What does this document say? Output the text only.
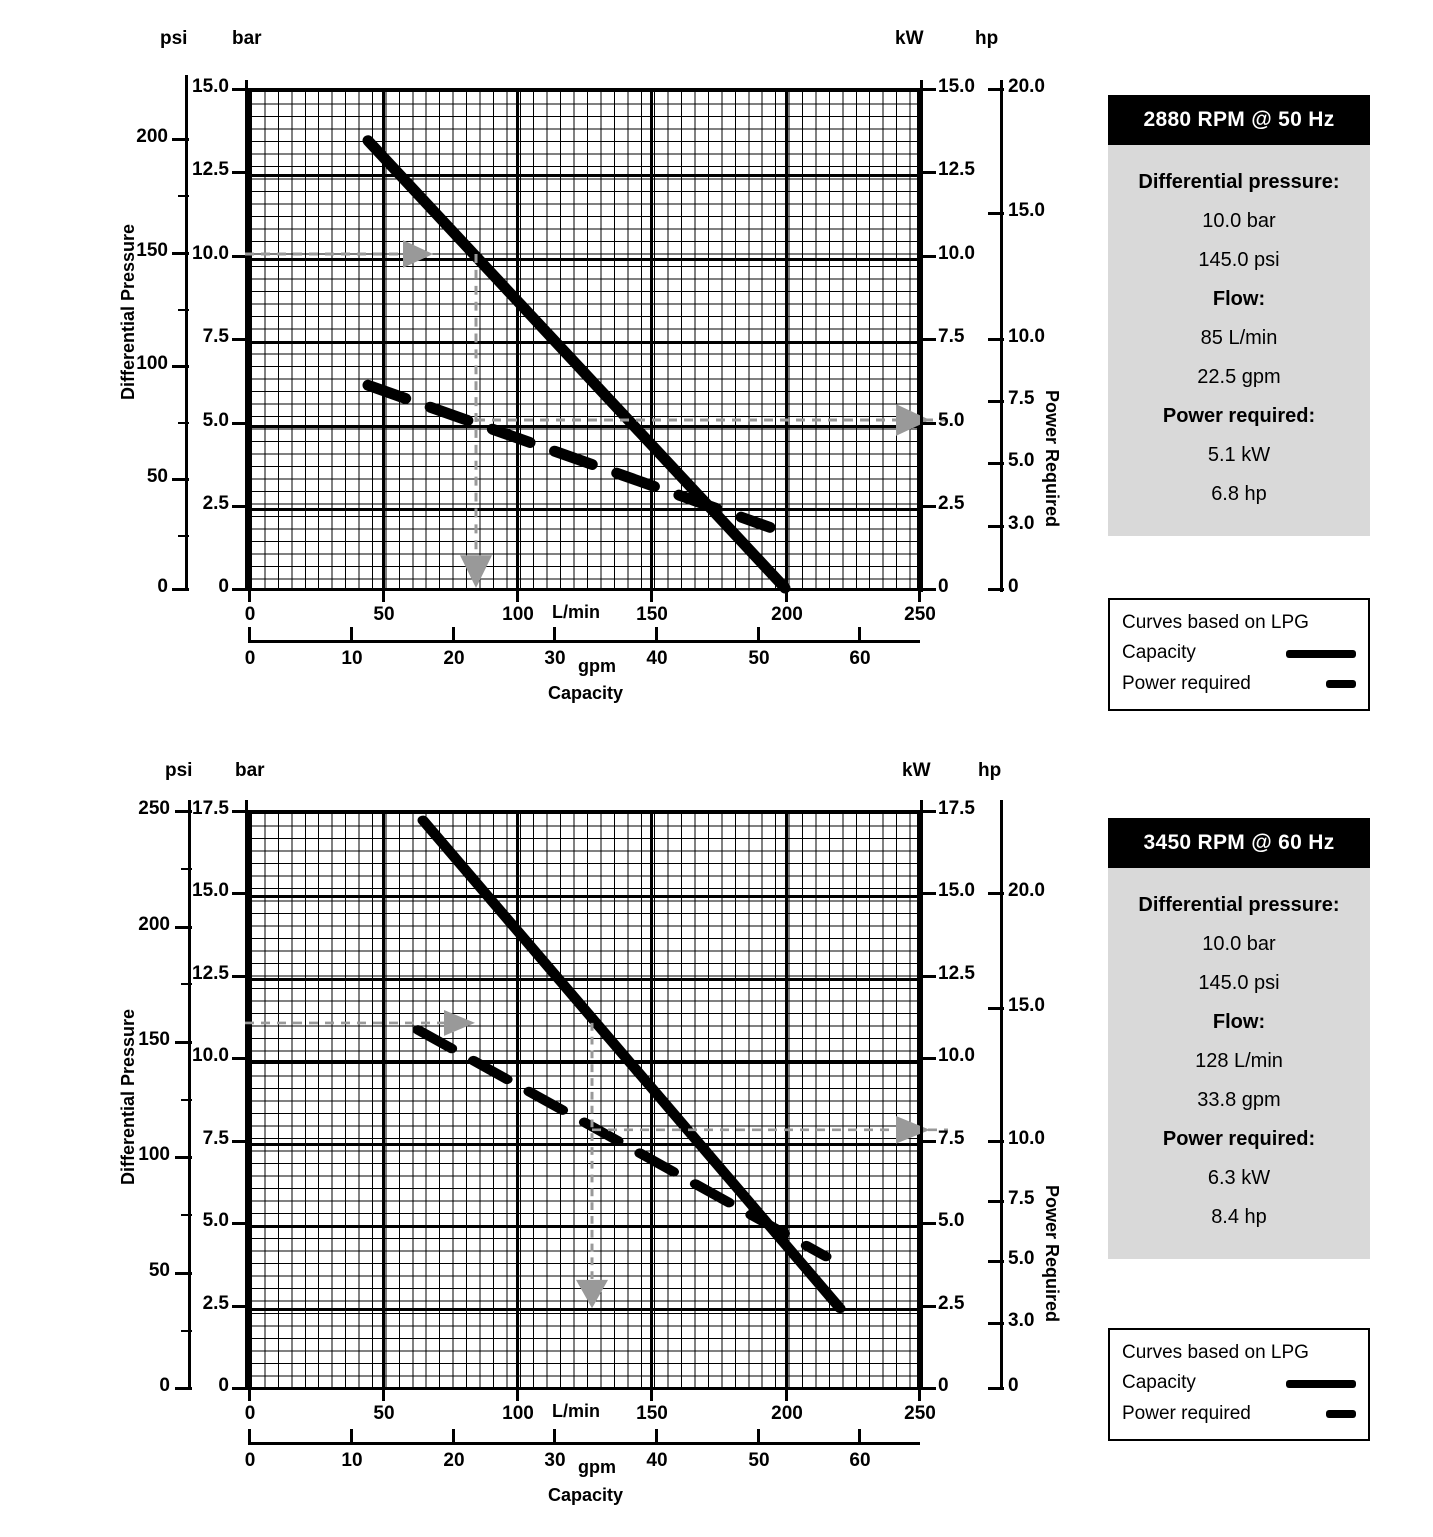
psi bar	kW	hp
200
150
100
50
0
Differential Pressure
15.0
12.5
10.0
7.5
5.0
2.5
0
0	50	100	150	200	250
L/min
0	10	20	30	40	50	60
gpm
Capacity
15.0
12.5
10.0
7.5
5.0
2.5
0
20.0
15.0
10.0
7.5
5.0
3.0
0
Power Required
2880 RPM @ 50 Hz
Differential pressure:
10.0 bar
145.0 psi
Flow:
85 L/min
22.5 gpm
Power required:
5.1 kW
6.8 hp
Curves based on LPG
Capacity
Power required
psi bar	kW	hp
250
200
150
100
50
0
Differential Pressure
17.5
15.0
12.5
10.0
7.5
5.0
2.5
0
0	50	100	150	200	250
L/min
0	10	20	30	40	50	60
gpm
Capacity
17.5
15.0
12.5
10.0
7.5
5.0
2.5
0
20.0
15.0
10.0
7.5
5.0
3.0
0
Power Required
3450 RPM @ 60 Hz
Differential pressure:
10.0 bar
145.0 psi
Flow:
128 L/min
33.8 gpm
Power required:
6.3 kW
8.4 hp
Curves based on LPG
Capacity
Power required
